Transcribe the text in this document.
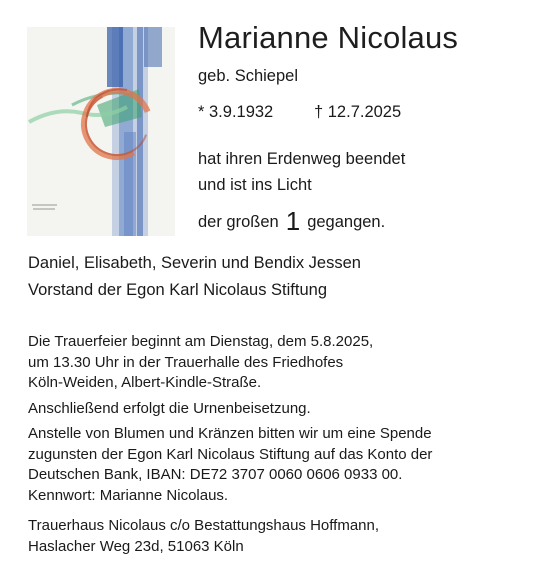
Marianne Nicolaus
geb. Schiepel
* 3.9.1932 † 12.7.2025
hat ihren Erdenweg beendet
und ist ins Licht
der großen 1 gegangen.
Daniel, Elisabeth, Severin und Bendix Jessen
Vorstand der Egon Karl Nicolaus Stiftung
Die Trauerfeier beginnt am Dienstag, dem 5.8.2025,
um 13.30 Uhr in der Trauerhalle des Friedhofes
Köln-Weiden, Albert-Kindle-Straße.
Anschließend erfolgt die Urnenbeisetzung.
Anstelle von Blumen und Kränzen bitten wir um eine Spende
zugunsten der Egon Karl Nicolaus Stiftung auf das Konto der
Deutschen Bank, IBAN: DE72 3707 0060 0606 0933 00.
Kennwort: Marianne Nicolaus.
Trauerhaus Nicolaus c/o Bestattungshaus Hoffmann,
Haslacher Weg 23d, 51063 Köln
